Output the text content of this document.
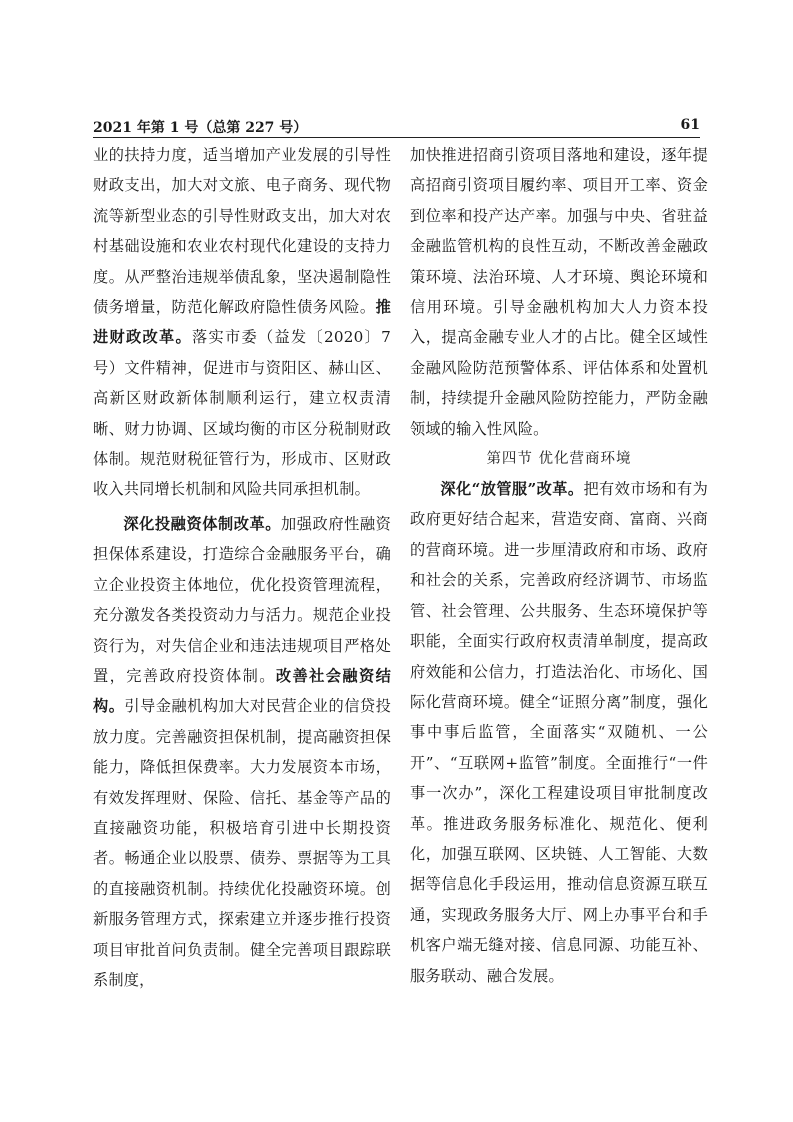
2021 年第 1 号（总第 227 号）	61

业的扶持力度，适当增加产业发展的引导性财政支出，加大对文旅、电子商务、现代物流等新型业态的引导性财政支出，加大对农村基础设施和农业农村现代化建设的支持力度。从严整治违规举债乱象，坚决遏制隐性债务增量，防范化解政府隐性债务风险。推进财政改革。落实市委（益发〔2020〕7 号）文件精神，促进市与资阳区、赫山区、高新区财政新体制顺利运行，建立权责清晰、财力协调、区域均衡的市区分税制财政体制。规范财税征管行为，形成市、区财政收入共同增长机制和风险共同承担机制。

深化投融资体制改革。加强政府性融资担保体系建设，打造综合金融服务平台，确立企业投资主体地位，优化投资管理流程，充分激发各类投资动力与活力。规范企业投资行为，对失信企业和违法违规项目严格处置，完善政府投资体制。改善社会融资结构。引导金融机构加大对民营企业的信贷投放力度。完善融资担保机制，提高融资担保能力，降低担保费率。大力发展资本市场，有效发挥理财、保险、信托、基金等产品的直接融资功能，积极培育引进中长期投资者。畅通企业以股票、债券、票据等为工具的直接融资机制。持续优化投融资环境。创新服务管理方式，探索建立并逐步推行投资项目审批首问负责制。健全完善项目跟踪联系制度，

加快推进招商引资项目落地和建设，逐年提高招商引资项目履约率、项目开工率、资金到位率和投产达产率。加强与中央、省驻益金融监管机构的良性互动，不断改善金融政策环境、法治环境、人才环境、舆论环境和信用环境。引导金融机构加大人力资本投入，提高金融专业人才的占比。健全区域性金融风险防范预警体系、评估体系和处置机制，持续提升金融风险防控能力，严防金融领域的输入性风险。

第四节 优化营商环境

深化“放管服”改革。把有效市场和有为政府更好结合起来，营造安商、富商、兴商的营商环境。进一步厘清政府和市场、政府和社会的关系，完善政府经济调节、市场监管、社会管理、公共服务、生态环境保护等职能，全面实行政府权责清单制度，提高政府效能和公信力，打造法治化、市场化、国际化营商环境。健全“证照分离”制度，强化事中事后监管，全面落实“双随机、一公开”、“互联网+监管”制度。全面推行“一件事一次办”，深化工程建设项目审批制度改革。推进政务服务标准化、规范化、便利化，加强互联网、区块链、人工智能、大数据等信息化手段运用，推动信息资源互联互通，实现政务服务大厅、网上办事平台和手机客户端无缝对接、信息同源、功能互补、服务联动、融合发展。
